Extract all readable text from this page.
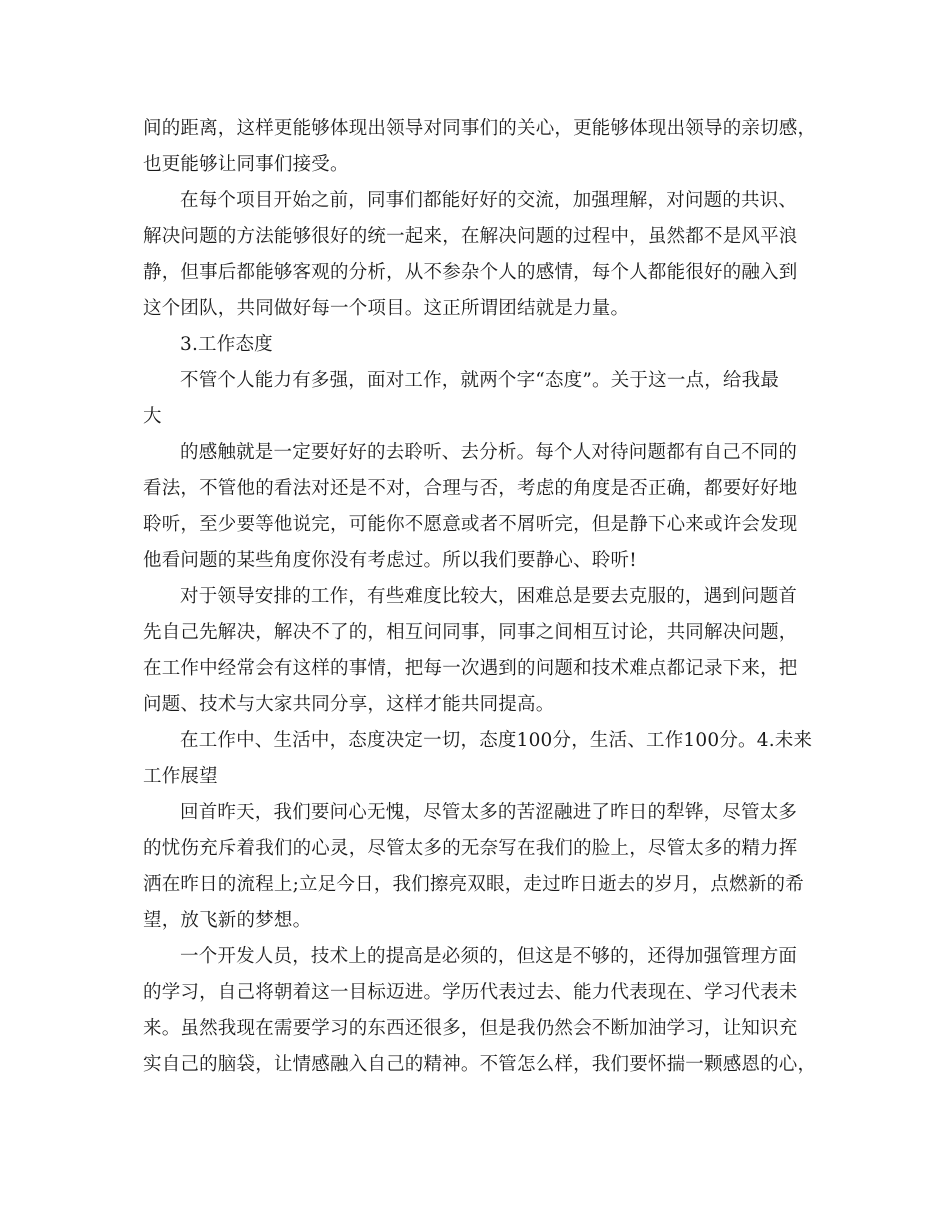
间的距离，这样更能够体现出领导对同事们的关心，更能够体现出领导的亲切感，
也更能够让同事们接受。
在每个项目开始之前，同事们都能好好的交流，加强理解，对问题的共识、
解决问题的方法能够很好的统一起来，在解决问题的过程中，虽然都不是风平浪
静，但事后都能够客观的分析，从不参杂个人的感情，每个人都能很好的融入到
这个团队，共同做好每一个项目。这正所谓团结就是力量。
3.工作态度
不管个人能力有多强，面对工作，就两个字“态度”。关于这一点，给我最
大
的感触就是一定要好好的去聆听、去分析。每个人对待问题都有自己不同的
看法，不管他的看法对还是不对，合理与否，考虑的角度是否正确，都要好好地
聆听，至少要等他说完，可能你不愿意或者不屑听完，但是静下心来或许会发现
他看问题的某些角度你没有考虑过。所以我们要静心、聆听!
对于领导安排的工作，有些难度比较大，困难总是要去克服的，遇到问题首
先自己先解决，解决不了的，相互问同事，同事之间相互讨论，共同解决问题，
在工作中经常会有这样的事情，把每一次遇到的问题和技术难点都记录下来，把
问题、技术与大家共同分享，这样才能共同提高。
在工作中、生活中，态度决定一切，态度100分，生活、工作100分。4.未来
工作展望
回首昨天，我们要问心无愧，尽管太多的苦涩融进了昨日的犁铧，尽管太多
的忧伤充斥着我们的心灵，尽管太多的无奈写在我们的脸上，尽管太多的精力挥
洒在昨日的流程上;立足今日，我们擦亮双眼，走过昨日逝去的岁月，点燃新的希
望，放飞新的梦想。
一个开发人员，技术上的提高是必须的，但这是不够的，还得加强管理方面
的学习，自己将朝着这一目标迈进。学历代表过去、能力代表现在、学习代表未
来。虽然我现在需要学习的东西还很多，但是我仍然会不断加油学习，让知识充
实自己的脑袋，让情感融入自己的精神。不管怎么样，我们要怀揣一颗感恩的心，
